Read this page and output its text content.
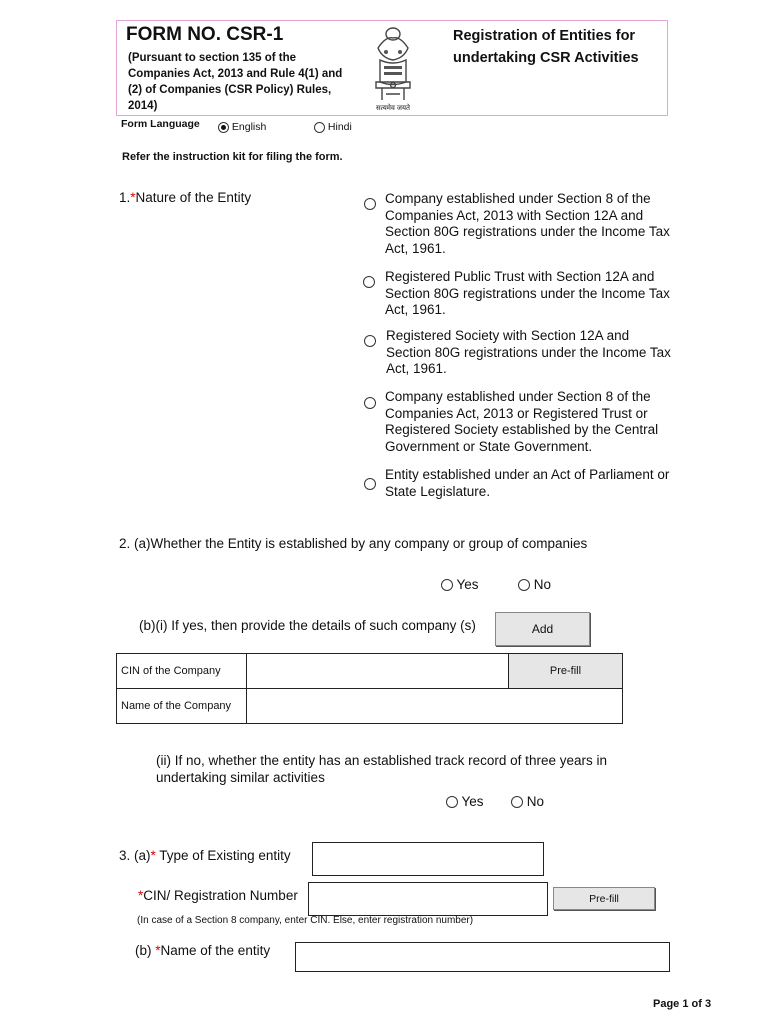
FORM NO. CSR-1
(Pursuant to section 135 of the Companies Act, 2013 and Rule 4(1) and (2) of Companies (CSR Policy) Rules, 2014)	सत्यमेव जयते
Registration of Entities for undertaking CSR Activities
Form Language	English	Hindi
Refer the instruction kit for filing the form.
1.*Nature of the Entity	Company established under Section 8 of the Companies Act, 2013 with Section 12A and Section 80G registrations under the Income Tax Act, 1961.
Registered Public Trust with Section 12A and Section 80G registrations under the Income Tax Act, 1961.
Registered Society with Section 12A and Section 80G registrations under the Income Tax Act, 1961.
Company established under Section 8 of the Companies Act, 2013 or Registered Trust or Registered Society established by the Central Government or State Government.
Entity established under an Act of Parliament or State Legislature.
2. (a)Whether the Entity is established by any company or group of companies
Yes	No
(b)(i) If yes, then provide the details of such company (s)	Add
CIN of the Company		Pre-fill

Name of the Company		
(ii) If no, whether the entity has an established track record of three years in undertaking similar activities
Yes	No
3. (a)* Type of Existing entity
*CIN/ Registration Number	Pre-fill
(In case of a Section 8 company, enter CIN. Else, enter registration number)
(b) *Name of the entity
Page 1 of 3
